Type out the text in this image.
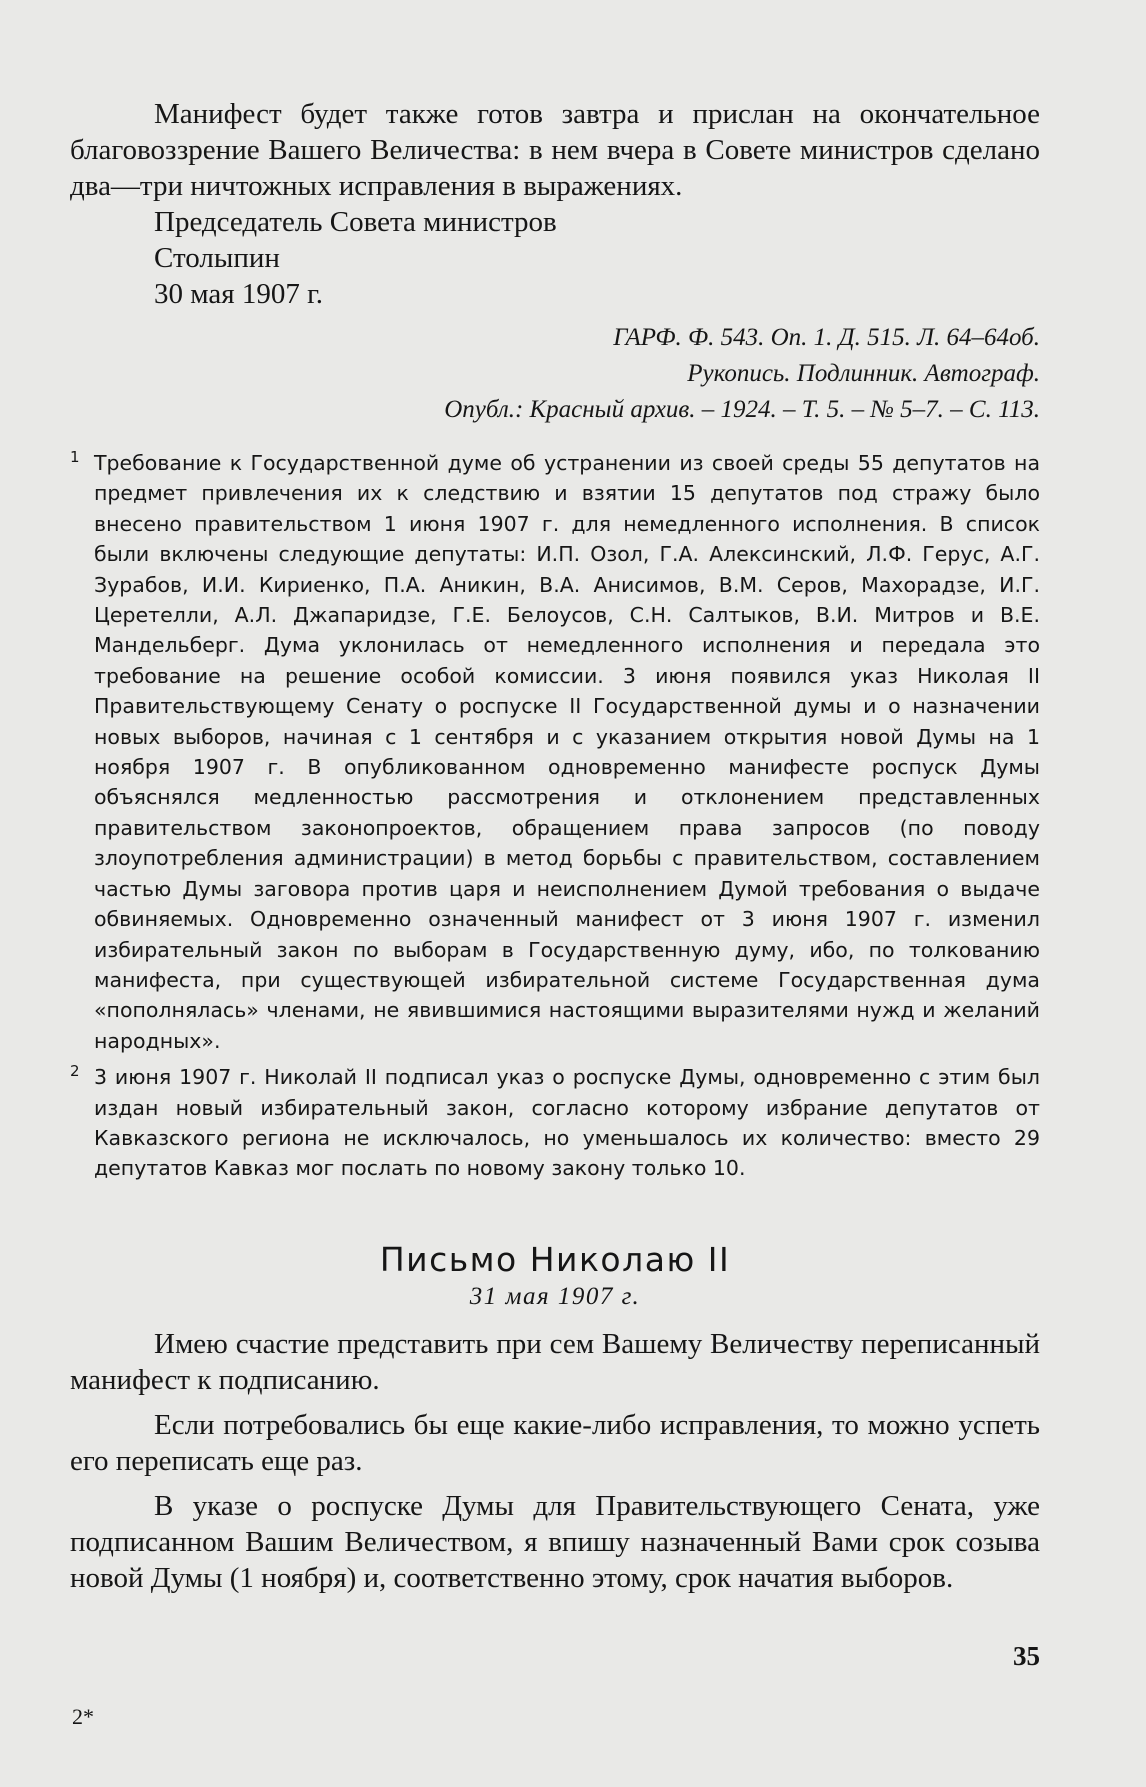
Манифест будет также готов завтра и прислан на окончательное благовоззрение Вашего Величества: в нем вчера в Совете министров сделано два—три ничтожных исправления в выражениях.

Председатель Совета министров

Столыпин

30 мая 1907 г.

ГАРФ. Ф. 543. Оп. 1. Д. 515. Л. 64–64об.
Рукопись. Подлинник. Автограф.
Опубл.: Красный архив. – 1924. – Т. 5. – № 5–7. – С. 113.
1 Требование к Государственной думе об устранении из своей среды 55 депутатов на предмет привлечения их к следствию и взятии 15 депутатов под стражу было внесено правительством 1 июня 1907 г. для немедленного исполнения. В список были включены следующие депутаты: И.П. Озол, Г.А. Алексинский, Л.Ф. Герус, А.Г. Зурабов, И.И. Кириенко, П.А. Аникин, В.А. Анисимов, В.М. Серов, Махорадзе, И.Г. Церетелли, А.Л. Джапаридзе, Г.Е. Белоусов, С.Н. Салтыков, В.И. Митров и В.Е. Мандельберг. Дума уклонилась от немедленного исполнения и передала это требование на решение особой комиссии. 3 июня появился указ Николая II Правительствующему Сенату о роспуске II Государственной думы и о назначении новых выборов, начиная с 1 сентября и с указанием открытия новой Думы на 1 ноября 1907 г. В опубликованном одновременно манифесте роспуск Думы объяснялся медленностью рассмотрения и отклонением представленных правительством законопроектов, обращением права запросов (по поводу злоупотребления администрации) в метод борьбы с правительством, составлением частью Думы заговора против царя и неисполнением Думой требования о выдаче обвиняемых. Одновременно означенный манифест от 3 июня 1907 г. изменил избирательный закон по выборам в Государственную думу, ибо, по толкованию манифеста, при существующей избирательной системе Государственная дума «пополнялась» членами, не явившимися настоящими выразителями нужд и желаний народных».
2 3 июня 1907 г. Николай II подписал указ о роспуске Думы, одновременно с этим был издан новый избирательный закон, согласно которому избрание депутатов от Кавказского региона не исключалось, но уменьшалось их количество: вместо 29 депутатов Кавказ мог послать по новому закону только 10.
Письмо Николаю II
31 мая 1907 г.

Имею счастие представить при сем Вашему Величеству переписанный манифест к подписанию.

Если потребовались бы еще какие-либо исправления, то можно успеть его переписать еще раз.

В указе о роспуске Думы для Правительствующего Сената, уже подписанном Вашим Величеством, я впишу назначенный Вами срок созыва новой Думы (1 ноября) и, соответственно этому, срок начатия выборов.

35
2*
